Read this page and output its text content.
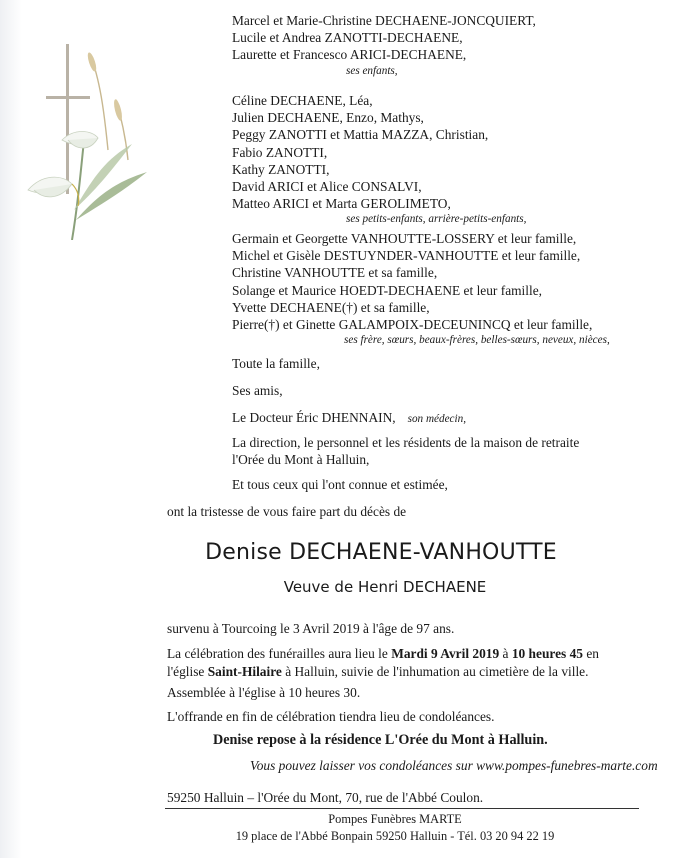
Marcel et Marie-Christine DECHAENE-JONCQUIERT,
Lucile et Andrea ZANOTTI-DECHAENE,
Laurette et Francesco ARICI-DECHAENE,
ses enfants,
Céline DECHAENE, Léa,
Julien DECHAENE, Enzo, Mathys,
Peggy ZANOTTI et Mattia MAZZA, Christian,
Fabio ZANOTTI,
Kathy ZANOTTI,
David ARICI et Alice CONSALVI,
Matteo ARICI et Marta GEROLIMETO,
ses petits-enfants, arrière-petits-enfants,
Germain et Georgette VANHOUTTE-LOSSERY et leur famille,
Michel et Gisèle DESTUYNDER-VANHOUTTE et leur famille,
Christine VANHOUTTE et sa famille,
Solange et Maurice HOEDT-DECHAENE et leur famille,
Yvette DECHAENE(†) et sa famille,
Pierre(†) et Ginette GALAMPOIX-DECEUNINCQ et leur famille,
ses frère, sœurs, beaux-frères, belles-sœurs, neveux, nièces,
Toute la famille,
Ses amis,
Le Docteur Éric DHENNAIN, son médecin,
La direction, le personnel et les résidents de la maison de retraite
l'Orée du Mont à Halluin,
Et tous ceux qui l'ont connue et estimée,
ont la tristesse de vous faire part du décès de
Denise DECHAENE-VANHOUTTE
Veuve de Henri DECHAENE
survenu à Tourcoing le 3 Avril 2019 à l'âge de 97 ans.
La célébration des funérailles aura lieu le Mardi 9 Avril 2019 à 10 heures 45 en
l'église Saint-Hilaire à Halluin, suivie de l'inhumation au cimetière de la ville.
Assemblée à l'église à 10 heures 30.
L'offrande en fin de célébration tiendra lieu de condoléances.
Denise repose à la résidence L'Orée du Mont à Halluin.
Vous pouvez laisser vos condoléances sur www.pompes-funebres-marte.com
59250 Halluin – l'Orée du Mont, 70, rue de l'Abbé Coulon.
Pompes Funèbres MARTE
19 place de l'Abbé Bonpain 59250 Halluin - Tél. 03 20 94 22 19
